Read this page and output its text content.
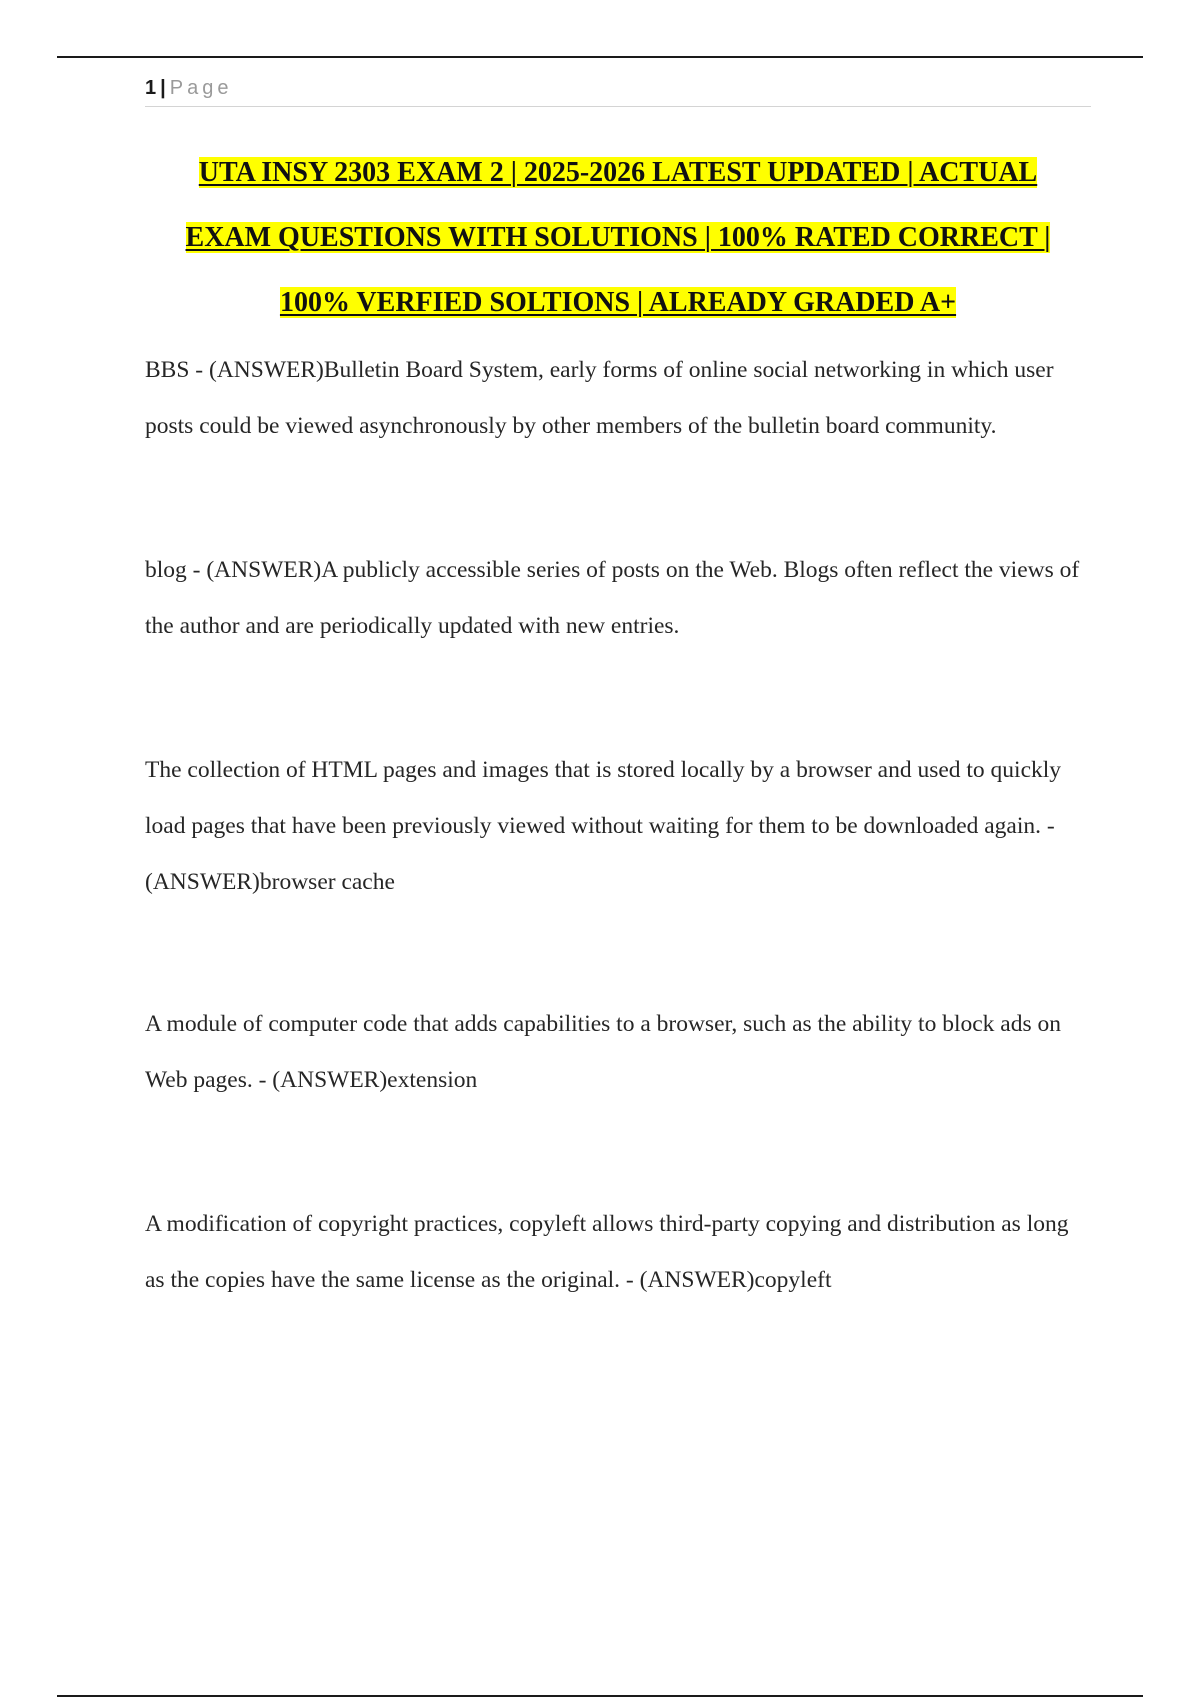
1 | Page
UTA INSY 2303 EXAM 2 | 2025-2026 LATEST UPDATED | ACTUAL
EXAM QUESTIONS WITH SOLUTIONS | 100% RATED CORRECT |
100% VERFIED SOLTIONS | ALREADY GRADED A+

BBS - (ANSWER)Bulletin Board System, early forms of online social networking in which user posts could be viewed asynchronously by other members of the bulletin board community.

blog - (ANSWER)A publicly accessible series of posts on the Web. Blogs often reflect the views of the author and are periodically updated with new entries.

The collection of HTML pages and images that is stored locally by a browser and used to quickly load pages that have been previously viewed without waiting for them to be downloaded again. - (ANSWER)browser cache

A module of computer code that adds capabilities to a browser, such as the ability to block ads on Web pages. - (ANSWER)extension

A modification of copyright practices, copyleft allows third-party copying and distribution as long as the copies have the same license as the original. - (ANSWER)copyleft
